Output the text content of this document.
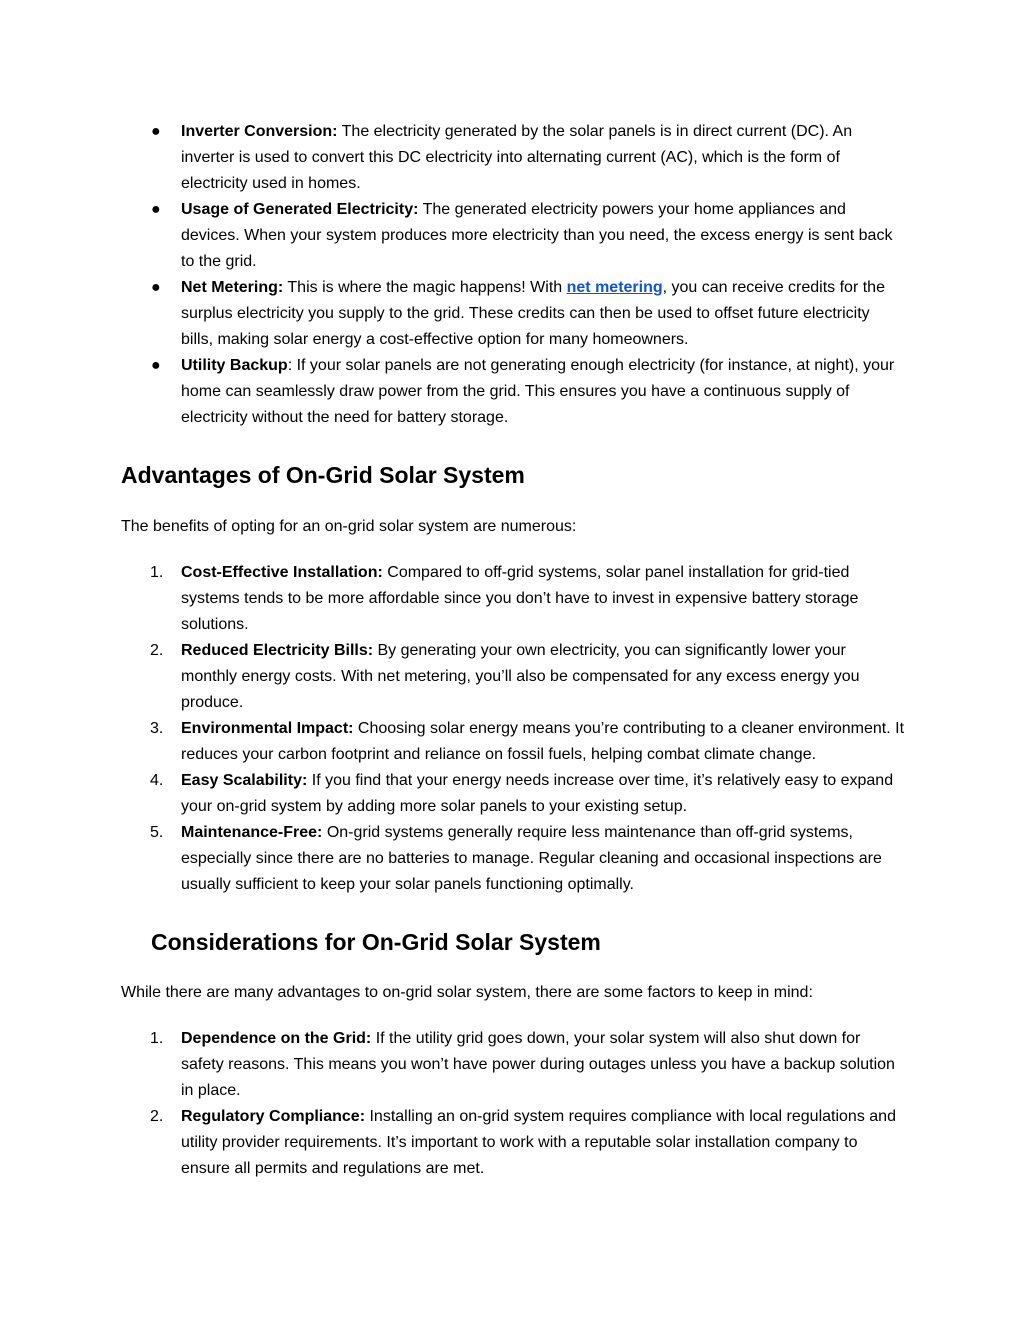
●	Inverter Conversion: The electricity generated by the solar panels is in direct current (DC). An inverter is used to convert this DC electricity into alternating current (AC), which is the form of electricity used in homes.
●	Usage of Generated Electricity: The generated electricity powers your home appliances and devices. When your system produces more electricity than you need, the excess energy is sent back to the grid.
●	Net Metering: This is where the magic happens! With net metering, you can receive credits for the surplus electricity you supply to the grid. These credits can then be used to offset future electricity bills, making solar energy a cost-effective option for many homeowners.
●	Utility Backup: If your solar panels are not generating enough electricity (for instance, at night), your home can seamlessly draw power from the grid. This ensures you have a continuous supply of electricity without the need for battery storage.
Advantages of On-Grid Solar System

The benefits of opting for an on-grid solar system are numerous:

1.	Cost-Effective Installation: Compared to off-grid systems, solar panel installation for grid-tied systems tends to be more affordable since you don’t have to invest in expensive battery storage solutions.
2.	Reduced Electricity Bills: By generating your own electricity, you can significantly lower your monthly energy costs. With net metering, you’ll also be compensated for any excess energy you produce.
3.	Environmental Impact: Choosing solar energy means you’re contributing to a cleaner environment. It reduces your carbon footprint and reliance on fossil fuels, helping combat climate change.
4.	Easy Scalability: If you find that your energy needs increase over time, it’s relatively easy to expand your on-grid system by adding more solar panels to your existing setup.
5.	Maintenance-Free: On-grid systems generally require less maintenance than off-grid systems, especially since there are no batteries to manage. Regular cleaning and occasional inspections are usually sufficient to keep your solar panels functioning optimally.
Considerations for On-Grid Solar System

While there are many advantages to on-grid solar system, there are some factors to keep in mind:

1.	Dependence on the Grid: If the utility grid goes down, your solar system will also shut down for safety reasons. This means you won’t have power during outages unless you have a backup solution in place.
2.	Regulatory Compliance: Installing an on-grid system requires compliance with local regulations and utility provider requirements. It’s important to work with a reputable solar installation company to ensure all permits and regulations are met.
